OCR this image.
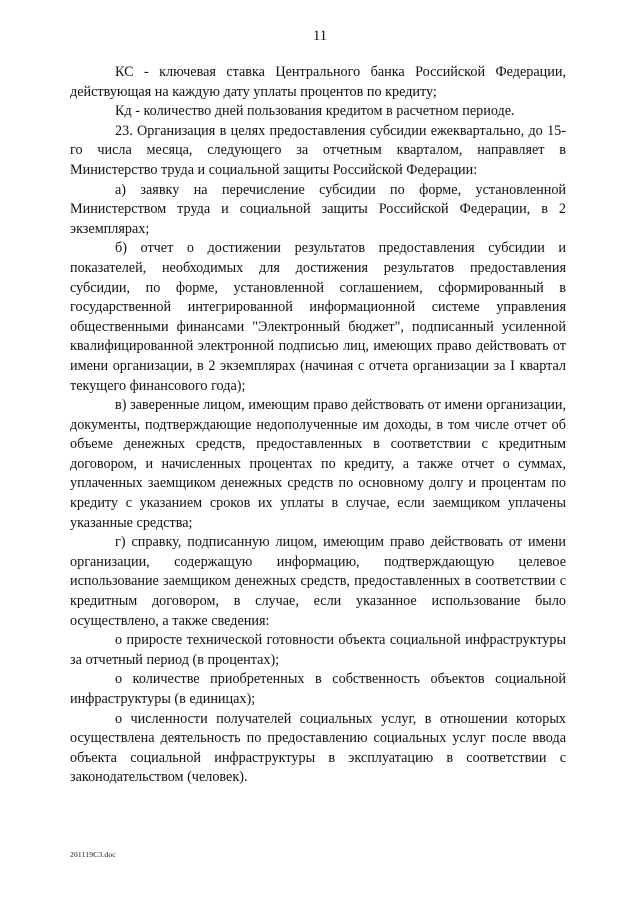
11

КС - ключевая ставка Центрального банка Российской Федерации, действующая на каждую дату уплаты процентов по кредиту;

Кд - количество дней пользования кредитом в расчетном периоде.

23. Организация в целях предоставления субсидии ежеквартально, до 15-го числа месяца, следующего за отчетным кварталом, направляет в Министерство труда и социальной защиты Российской Федерации:

а) заявку на перечисление субсидии по форме, установленной Министерством труда и социальной защиты Российской Федерации, в 2 экземплярах;

б) отчет о достижении результатов предоставления субсидии и показателей, необходимых для достижения результатов предоставления субсидии, по форме, установленной соглашением, сформированный в государственной интегрированной информационной системе управления общественными финансами "Электронный бюджет", подписанный усиленной квалифицированной электронной подписью лиц, имеющих право действовать от имени организации, в 2 экземплярах (начиная с отчета организации за I квартал текущего финансового года);

в) заверенные лицом, имеющим право действовать от имени организации, документы, подтверждающие недополученные им доходы, в том числе отчет об объеме денежных средств, предоставленных в соответствии с кредитным договором, и начисленных процентах по кредиту, а также отчет о суммах, уплаченных заемщиком денежных средств по основному долгу и процентам по кредиту с указанием сроков их уплаты в случае, если заемщиком уплачены указанные средства;

г) справку, подписанную лицом, имеющим право действовать от имени организации, содержащую информацию, подтверждающую целевое использование заемщиком денежных средств, предоставленных в соответствии с кредитным договором, в случае, если указанное использование было осуществлено, а также сведения:

о приросте технической готовности объекта социальной инфраструктуры за отчетный период (в процентах);

о количестве приобретенных в собственность объектов социальной инфраструктуры (в единицах);

о численности получателей социальных услуг, в отношении которых осуществлена деятельность по предоставлению социальных услуг после ввода объекта социальной инфраструктуры в эксплуатацию в соответствии с законодательством (человек).

201119C3.doc
